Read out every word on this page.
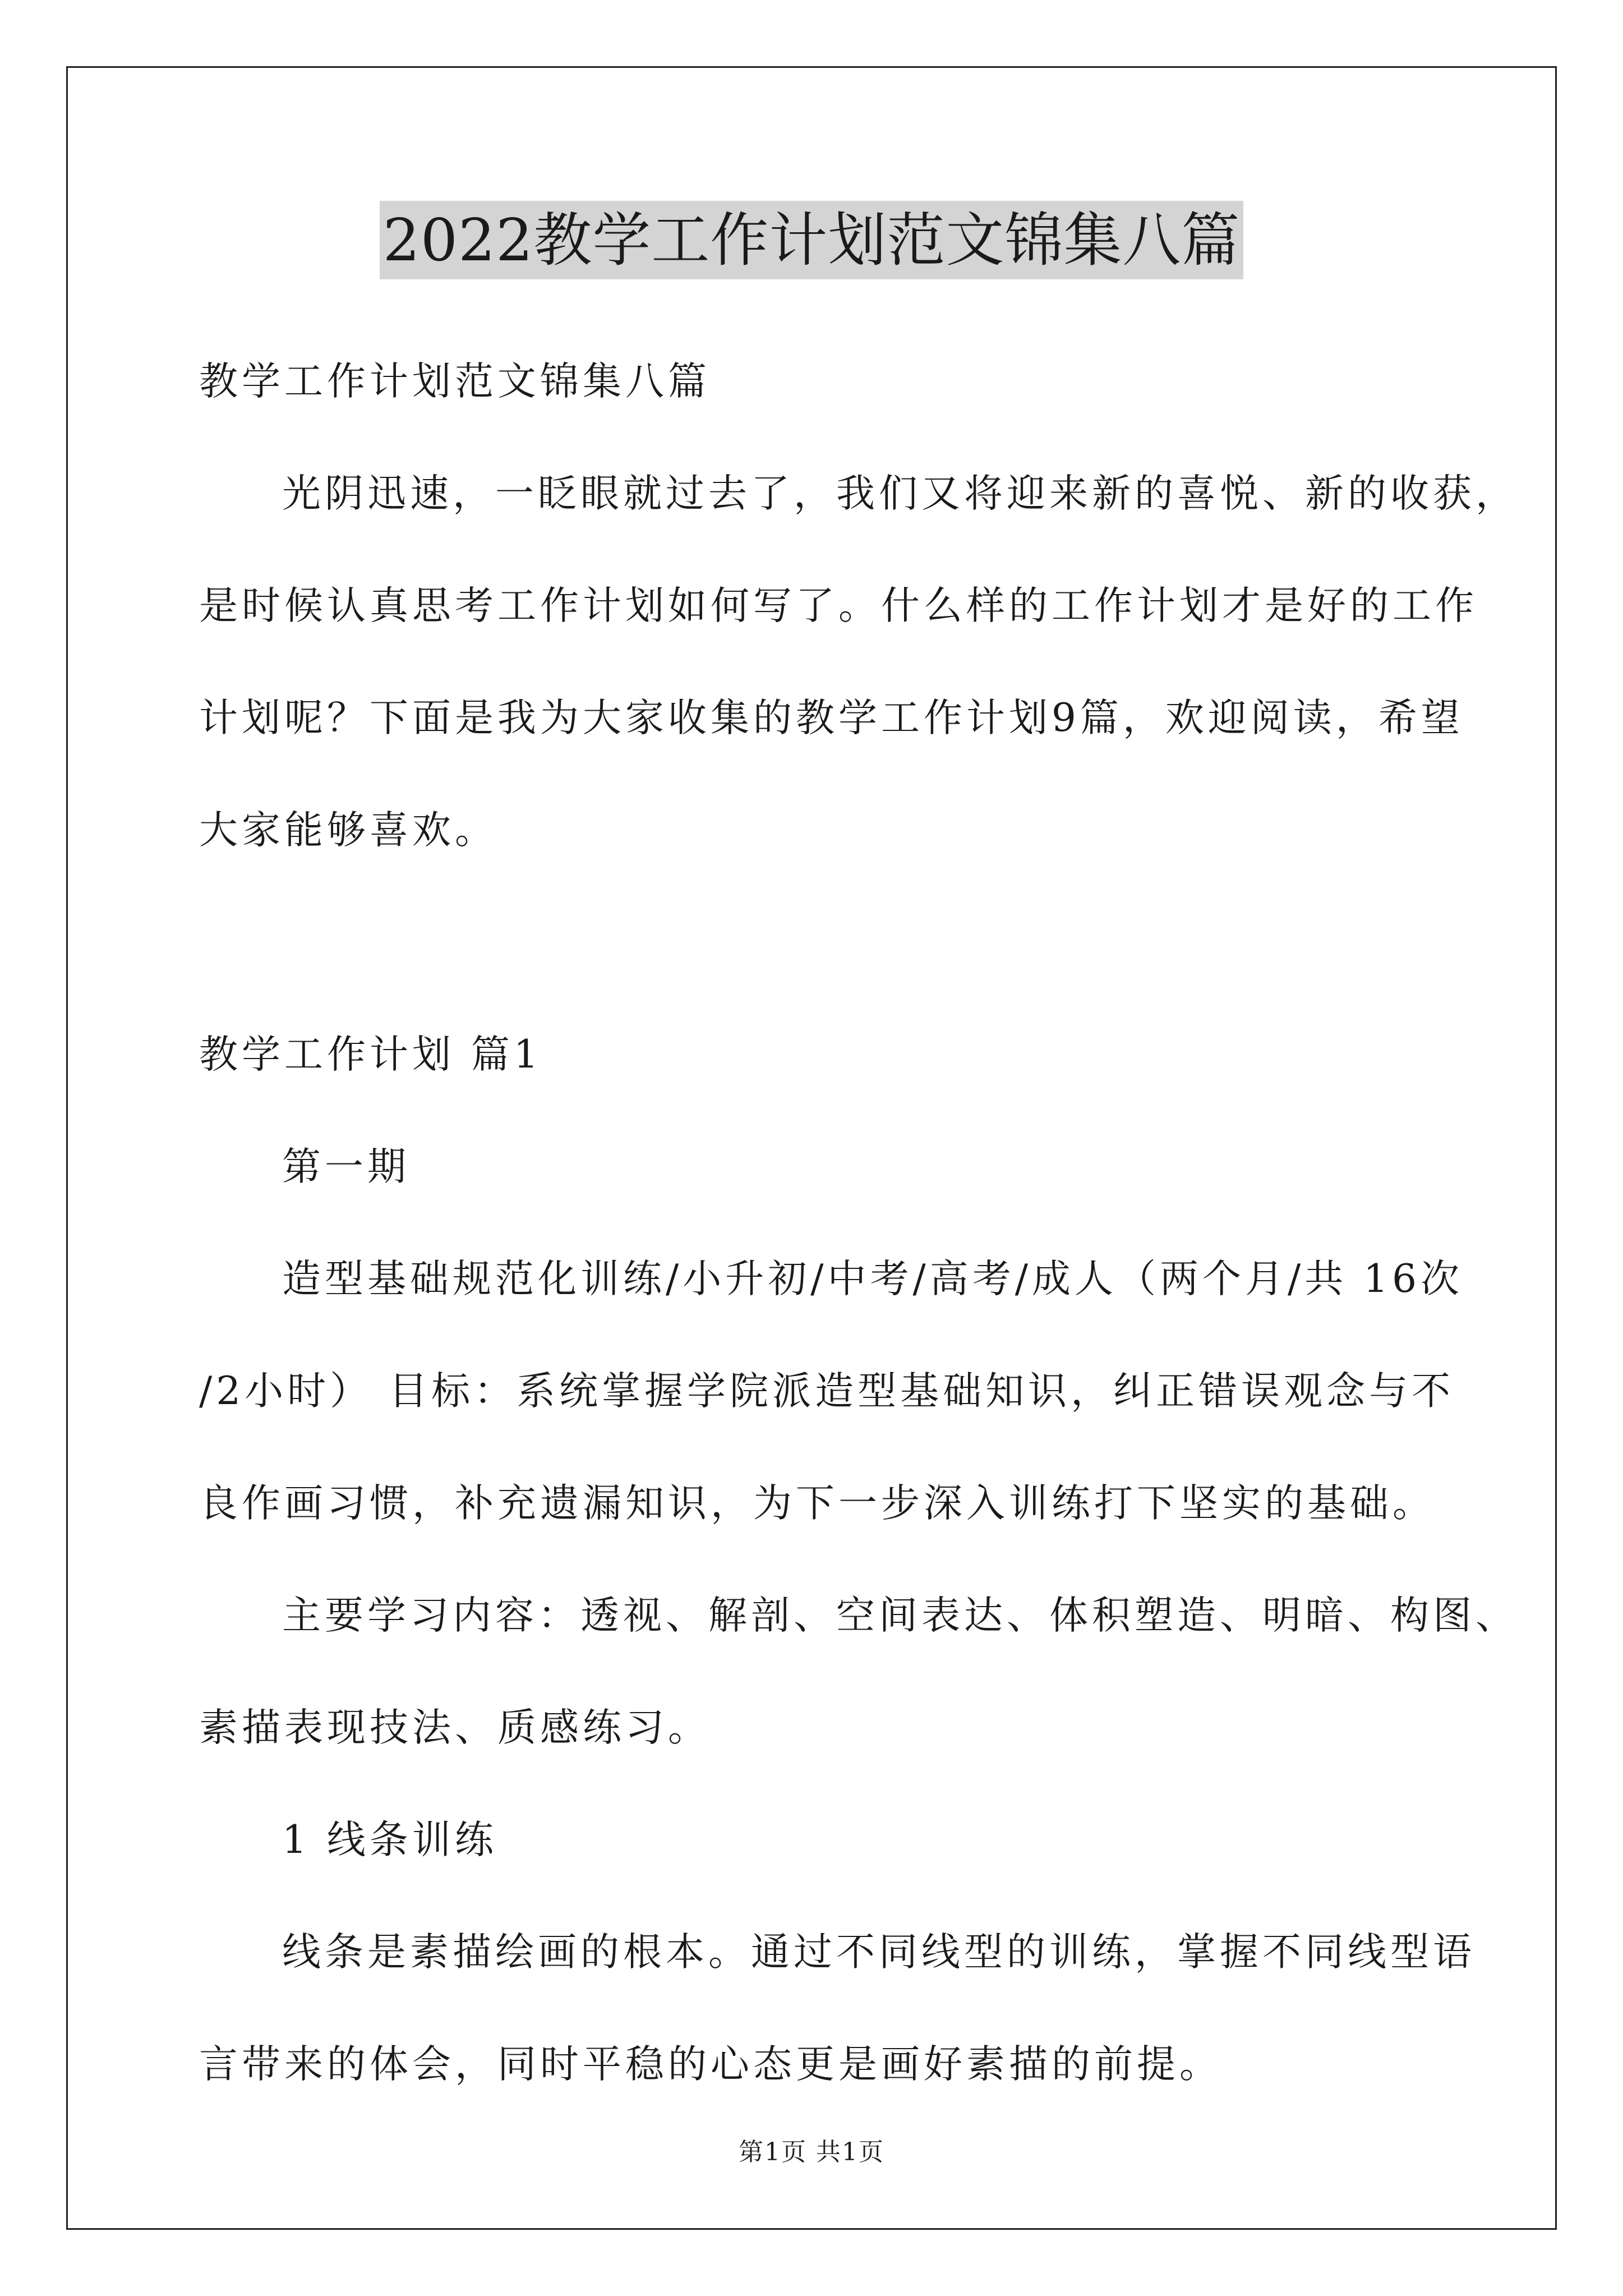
2022教学工作计划范文锦集八篇

教学工作计划范文锦集八篇

光阴迅速，一眨眼就过去了，我们又将迎来新的喜悦、新的收获，

是时候认真思考工作计划如何写了。什么样的工作计划才是好的工作

计划呢？下面是我为大家收集的教学工作计划9篇，欢迎阅读，希望

大家能够喜欢。

教学工作计划 篇1

第一期

造型基础规范化训练/小升初/中考/高考/成人（两个月/共 16次

/2小时） 目标：系统掌握学院派造型基础知识，纠正错误观念与不

良作画习惯，补充遗漏知识，为下一步深入训练打下坚实的基础。

主要学习内容：透视、解剖、空间表达、体积塑造、明暗、构图、

素描表现技法、质感练习。

1 线条训练

线条是素描绘画的根本。通过不同线型的训练，掌握不同线型语

言带来的体会，同时平稳的心态更是画好素描的前提。

第1页 共1页
